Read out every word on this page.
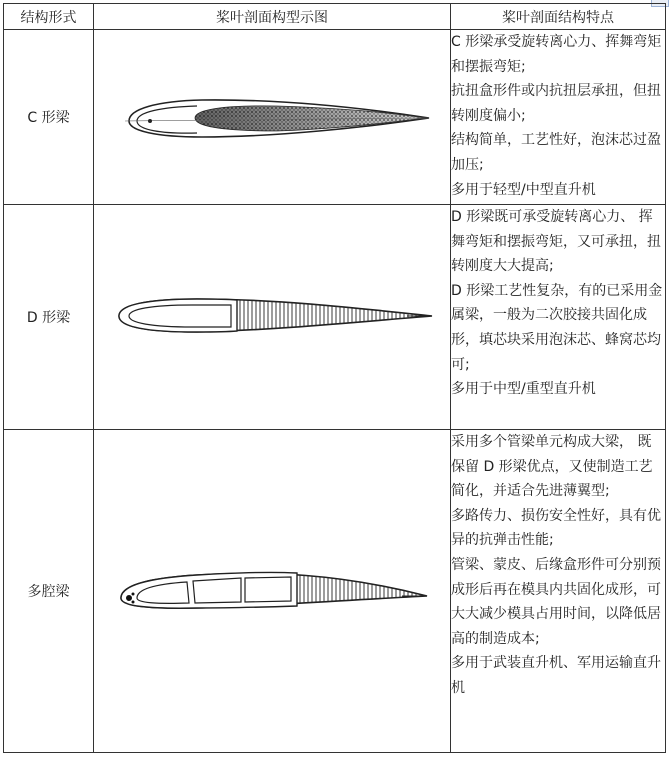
结构形式	桨叶剖面构型示图	桨叶剖面结构特点
C 形梁		C 形梁承受旋转离心力、挥舞弯矩和摆振弯矩;

抗扭盒形件或内抗扭层承扭，但扭转刚度偏小;

结构简单，工艺性好，泡沫芯过盈加压;

多用于轻型/中型直升机

D 形梁		D 形梁既可承受旋转离心力、 挥舞弯矩和摆振弯矩，又可承扭，扭转刚度大大提高;

D 形梁工艺性复杂，有的已采用金属梁，一般为二次胶接共固化成形，填芯块采用泡沫芯、蜂窝芯均可;

多用于中型/重型直升机

多腔梁		采用多个管梁单元构成大梁， 既保留 D 形梁优点，又使制造工艺简化，并适合先进薄翼型;

多路传力、损伤安全性好，具有优异的抗弹击性能;

管梁、蒙皮、后缘盒形件可分别预成形后再在模具内共固化成形，可大大减少模具占用时间，以降低居高的制造成本;

多用于武装直升机、军用运输直升机
